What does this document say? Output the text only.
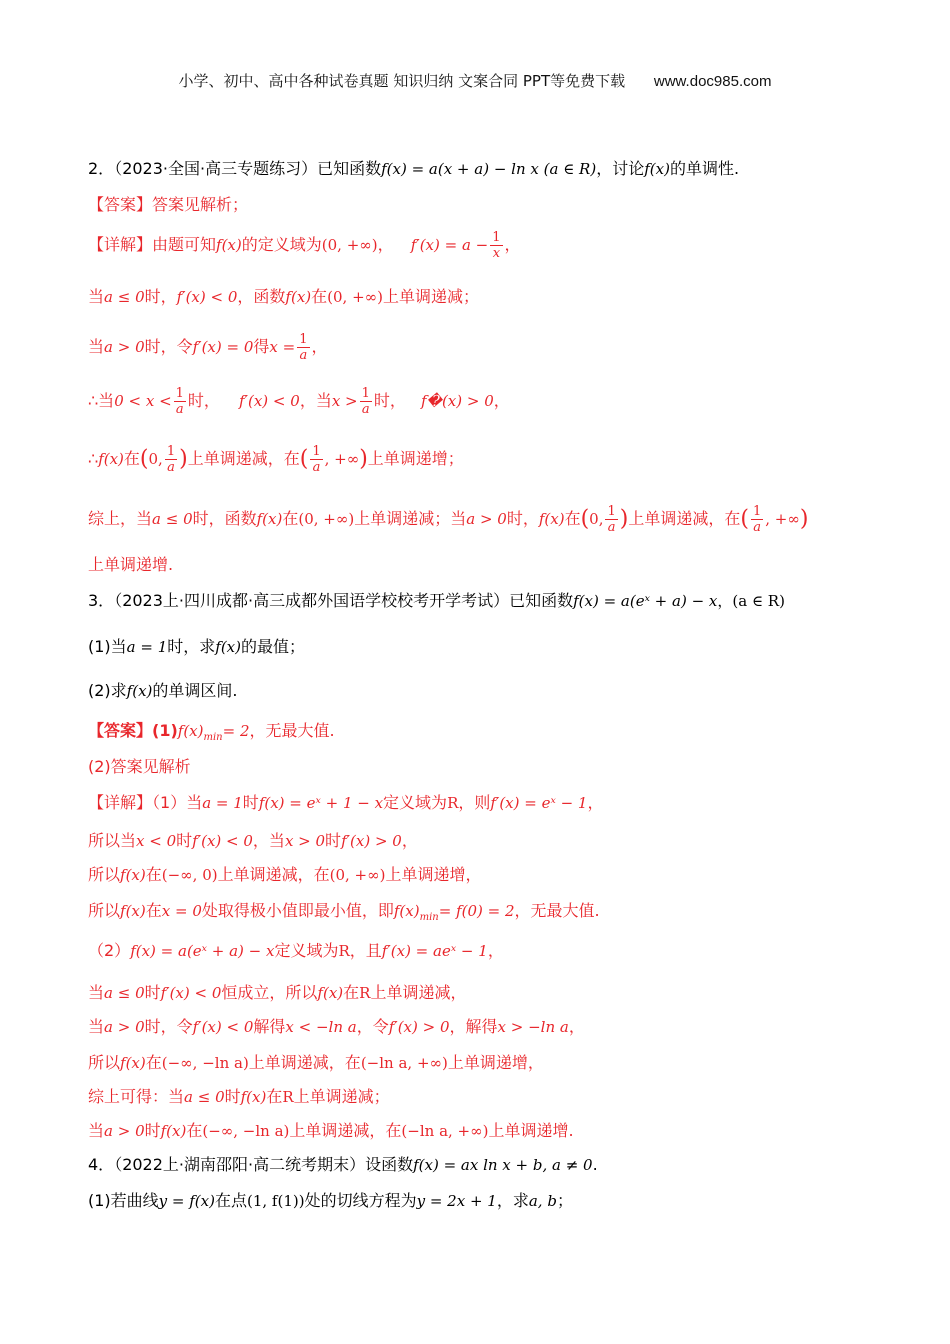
小学、初中、高中各种试卷真题 知识归纳 文案合同 PPT等免费下载 www.doc985.com
2．（2023·全国·高三专题练习）已知函数f(x) = a(x + a) − ln x (a ∈ R)，讨论f(x)的单调性.
【答案】答案见解析；
【详解】由题可知f(x)的定义域为(0, +∞)， $f'(x) = a - \frac{1}{x}$ ，
当a ≤ 0时，f′(x) < 0，函数f(x)在(0, +∞)上单调递减；
当a > 0时，令f′(x) = 0得$x = \frac{1}{a}$ ，
∴当$0 < x < \frac{1}{a}$ 时， f′(x) < 0，当$x > \frac{1}{a}$ 时， f�(x) > 0，
∴f(x)在(0, $\frac{1}{a}$ )上单调递减，在( $\frac{1}{a}$ , +∞)上单调递增；
综上，当a ≤ 0时，函数f(x)在(0, +∞)上单调递减；当a > 0时，f(x)在(0, $\frac{1}{a}$ )上单调递减，在( $\frac{1}{a}$ , +∞)
上单调递增.
3．（2023上·四川成都·高三成都外国语学校校考开学考试）已知函数f(x) = a(eˣ + a) − x，(a ∈ R)
(1)当a = 1时，求f(x)的最值；
(2)求f(x)的单调区间.
【答案】$(1)f(x)_{min}= 2$，无最大值.
(2)答案见解析
【详解】（1）当a = 1时f(x) = eˣ + 1 − x定义域为R，则f′(x) = eˣ − 1，
所以当x < 0时f′(x) < 0，当x > 0时f′(x) > 0，
所以f(x)在(−∞, 0)上单调递减，在(0, +∞)上单调递增，
所以f(x)在x = 0处取得极小值即最小值，即$f(x)_{min}= f(0) = 2$，无最大值.
（2）f(x) = a(eˣ + a) − x定义域为R，且f′(x) = aeˣ − 1，
当a ≤ 0时f′(x) < 0恒成立，所以f(x)在R上单调递减，
当a > 0时，令f′(x) < 0解得x < −ln a，令f′(x) > 0，解得x > −ln a，
所以f(x)在(−∞, −ln a)上单调递减，在(−ln a, +∞)上单调递增，
综上可得：当a ≤ 0时f(x)在R上单调递减；
当a > 0时f(x)在(−∞, −ln a)上单调递减，在(−ln a, +∞)上单调递增.
4．（2022上·湖南邵阳·高二统考期末）设函数f(x) = ax ln x + b, a ≠ 0.
(1)若曲线y = f(x)在点(1, f(1))处的切线方程为y = 2x + 1，求a, b；
